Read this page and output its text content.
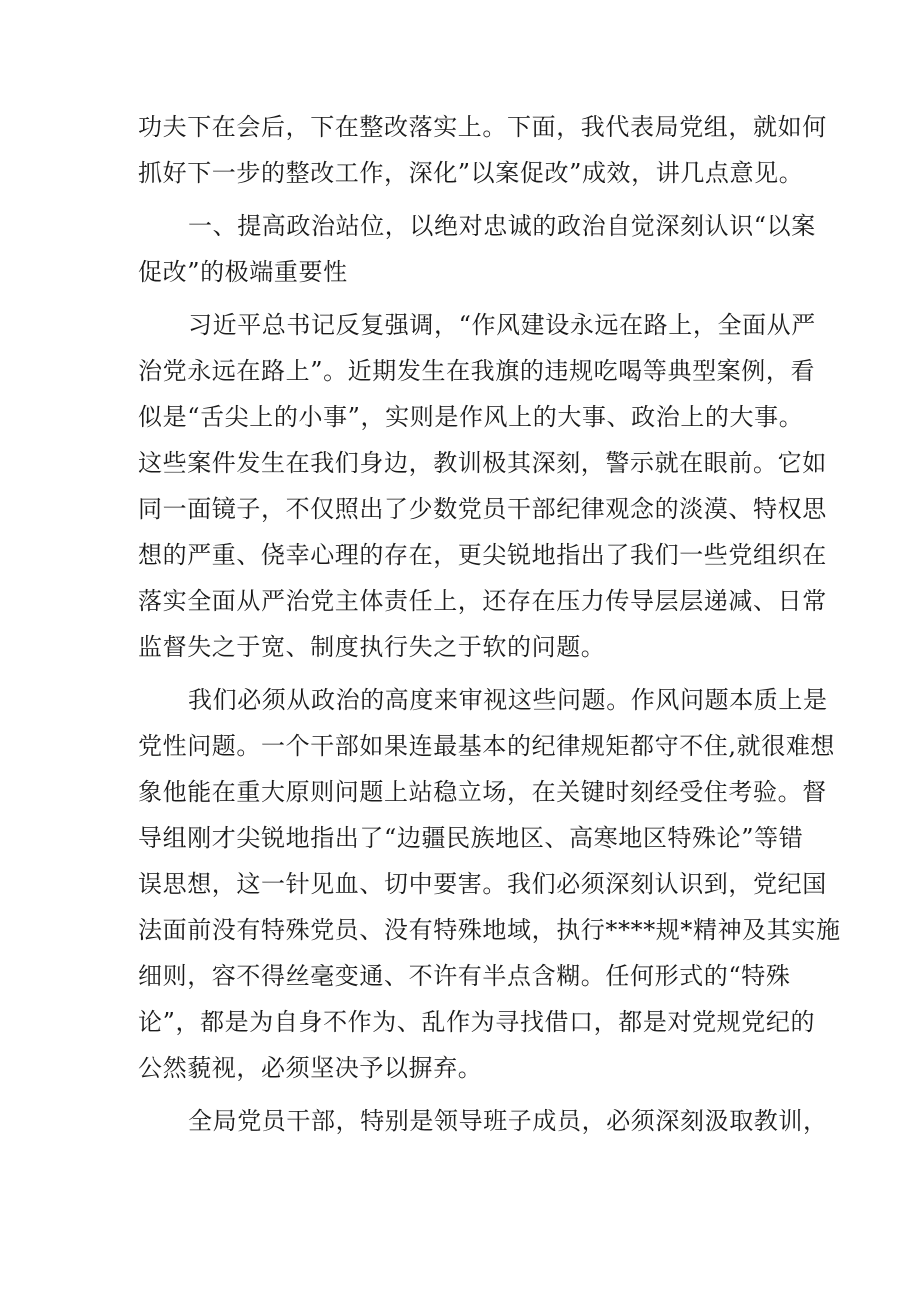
功夫下在会后，下在整改落实上。下面，我代表局党组，就如何
抓好下一步的整改工作，深化”以案促改”成效，讲几点意见。
一、提高政治站位，以绝对忠诚的政治自觉深刻认识“以案
促改”的极端重要性
习近平总书记反复强调，“作风建设永远在路上，全面从严
治党永远在路上”。近期发生在我旗的违规吃喝等典型案例，看
似是“舌尖上的小事”，实则是作风上的大事、政治上的大事。
这些案件发生在我们身边，教训极其深刻，警示就在眼前。它如
同一面镜子，不仅照出了少数党员干部纪律观念的淡漠、特权思
想的严重、侥幸心理的存在，更尖锐地指出了我们一些党组织在
落实全面从严治党主体责任上，还存在压力传导层层递减、日常
监督失之于宽、制度执行失之于软的问题。
我们必须从政治的高度来审视这些问题。作风问题本质上是
党性问题。一个干部如果连最基本的纪律规矩都守不住,就很难想
象他能在重大原则问题上站稳立场，在关键时刻经受住考验。督
导组刚才尖锐地指出了“边疆民族地区、高寒地区特殊论”等错
误思想，这一针见血、切中要害。我们必须深刻认识到，党纪国
法面前没有特殊党员、没有特殊地域，执行****规*精神及其实施
细则，容不得丝毫变通、不许有半点含糊。任何形式的“特殊
论”，都是为自身不作为、乱作为寻找借口，都是对党规党纪的
公然藐视，必须坚决予以摒弃。
全局党员干部，特别是领导班子成员，必须深刻汲取教训，
